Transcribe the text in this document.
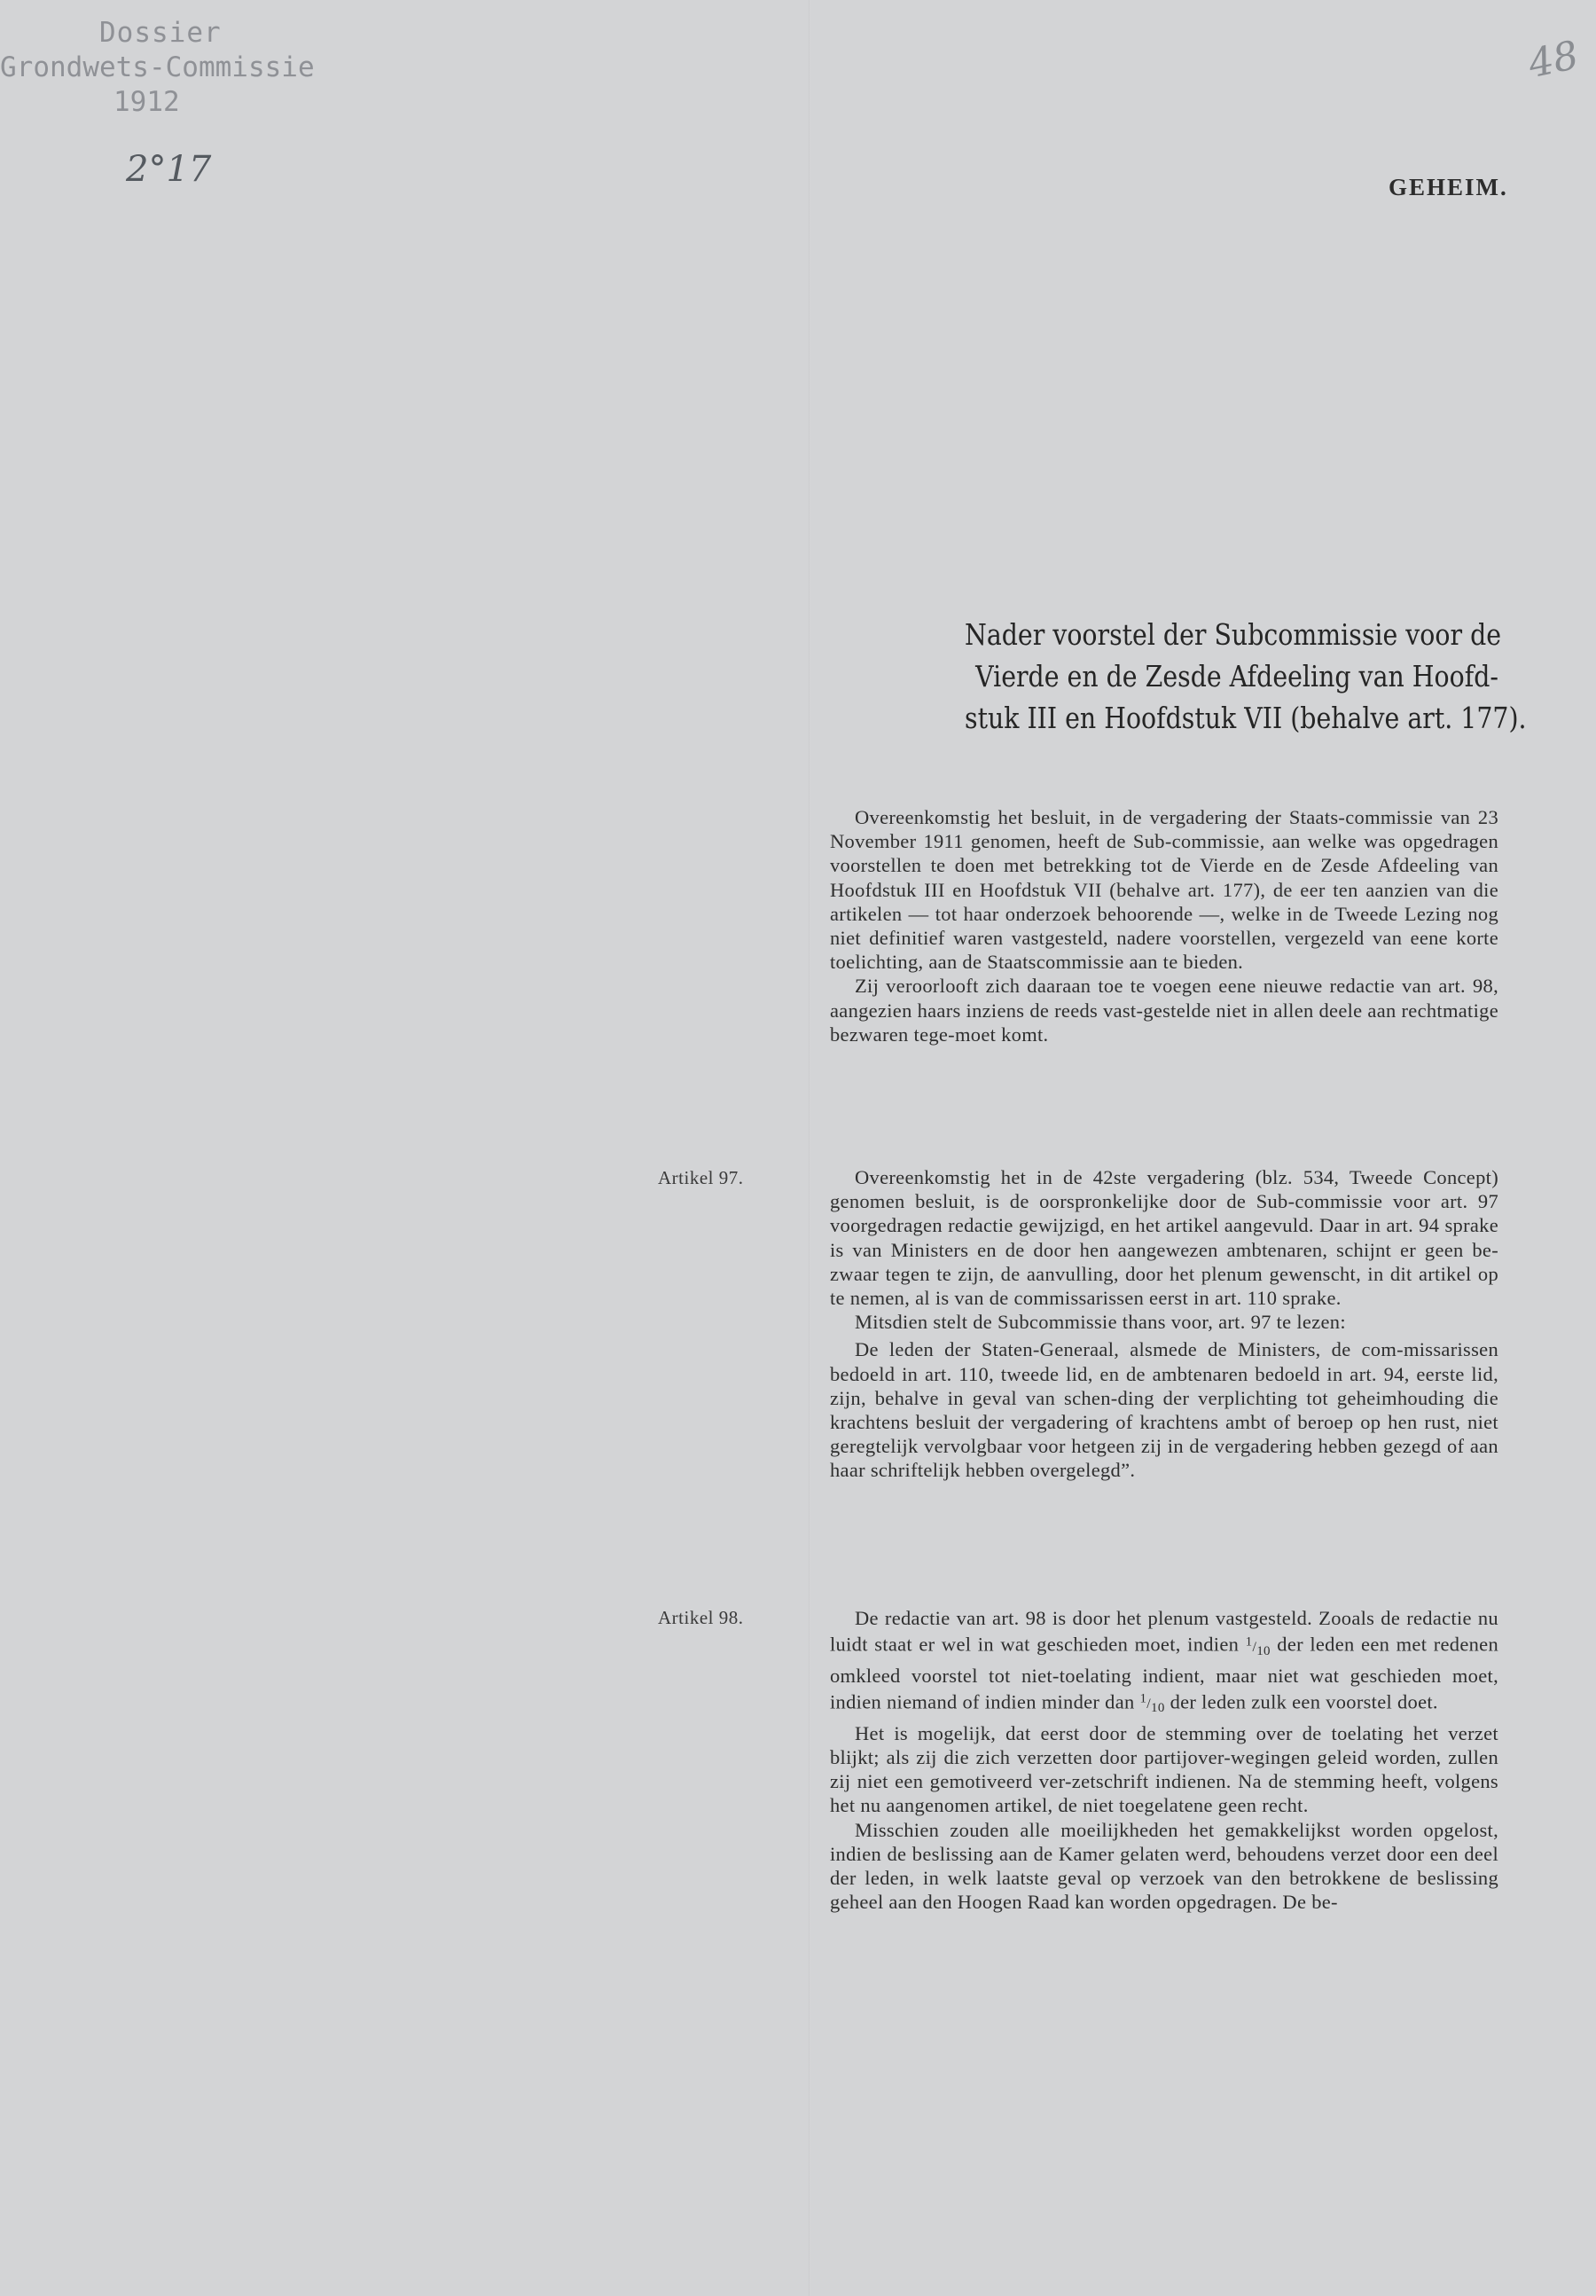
Dossier
Grondwets-Commissie
1912
2°17
48
GEHEIM.
Nader voorstel der Subcommissie voor de
Vierde en de Zesde Afdeeling van Hoofd-
stuk III en Hoofdstuk VII (behalve art. 177).

Overeenkomstig het besluit, in de vergadering der Staats-commissie van 23 November 1911 genomen, heeft de Sub-commissie, aan welke was opgedragen voorstellen te doen met betrekking tot de Vierde en de Zesde Afdeeling van Hoofdstuk III en Hoofdstuk VII (behalve art. 177), de eer ten aanzien van die artikelen — tot haar onderzoek behoorende —, welke in de Tweede Lezing nog niet definitief waren vastgesteld, nadere voorstellen, vergezeld van eene korte toelichting, aan de Staatscommissie aan te bieden.

Zij veroorlooft zich daaraan toe te voegen eene nieuwe redactie van art. 98, aangezien haars inziens de reeds vast-gestelde niet in allen deele aan rechtmatige bezwaren tege-moet komt.

Artikel 97.	Overeenkomstig het in de 42ste vergadering (blz. 534, Tweede Concept) genomen besluit, is de oorspronkelijke door de Sub-commissie voor art. 97 voorgedragen redactie gewijzigd, en het artikel aangevuld. Daar in art. 94 sprake is van Ministers en de door hen aangewezen ambtenaren, schijnt er geen be-zwaar tegen te zijn, de aanvulling, door het plenum gewenscht, in dit artikel op te nemen, al is van de commissarissen eerst in art. 110 sprake.

Mitsdien stelt de Subcommissie thans voor, art. 97 te lezen:

De leden der Staten-Generaal, alsmede de Ministers, de com-missarissen bedoeld in art. 110, tweede lid, en de ambtenaren bedoeld in art. 94, eerste lid, zijn, behalve in geval van schen-ding der verplichting tot geheimhouding die krachtens besluit der vergadering of krachtens ambt of beroep op hen rust, niet geregtelijk vervolgbaar voor hetgeen zij in de vergadering hebben gezegd of aan haar schriftelijk hebben overgelegd”.

Artikel 98.	De redactie van art. 98 is door het plenum vastgesteld. Zooals de redactie nu luidt staat er wel in wat geschieden moet, indien $^1/_{10}$ der leden een met redenen omkleed voorstel tot niet-toelating indient, maar niet wat geschieden moet, indien niemand of indien minder dan $^1/_{10}$ der leden zulk een voorstel doet.

Het is mogelijk, dat eerst door de stemming over de toelating het verzet blijkt; als zij die zich verzetten door partijover-wegingen geleid worden, zullen zij niet een gemotiveerd ver-zetschrift indienen. Na de stemming heeft, volgens het nu aangenomen artikel, de niet toegelatene geen recht.

Misschien zouden alle moeilijkheden het gemakkelijkst worden opgelost, indien de beslissing aan de Kamer gelaten werd, behoudens verzet door een deel der leden, in welk laatste geval op verzoek van den betrokkene de beslissing geheel aan den Hoogen Raad kan worden opgedragen. De be-
